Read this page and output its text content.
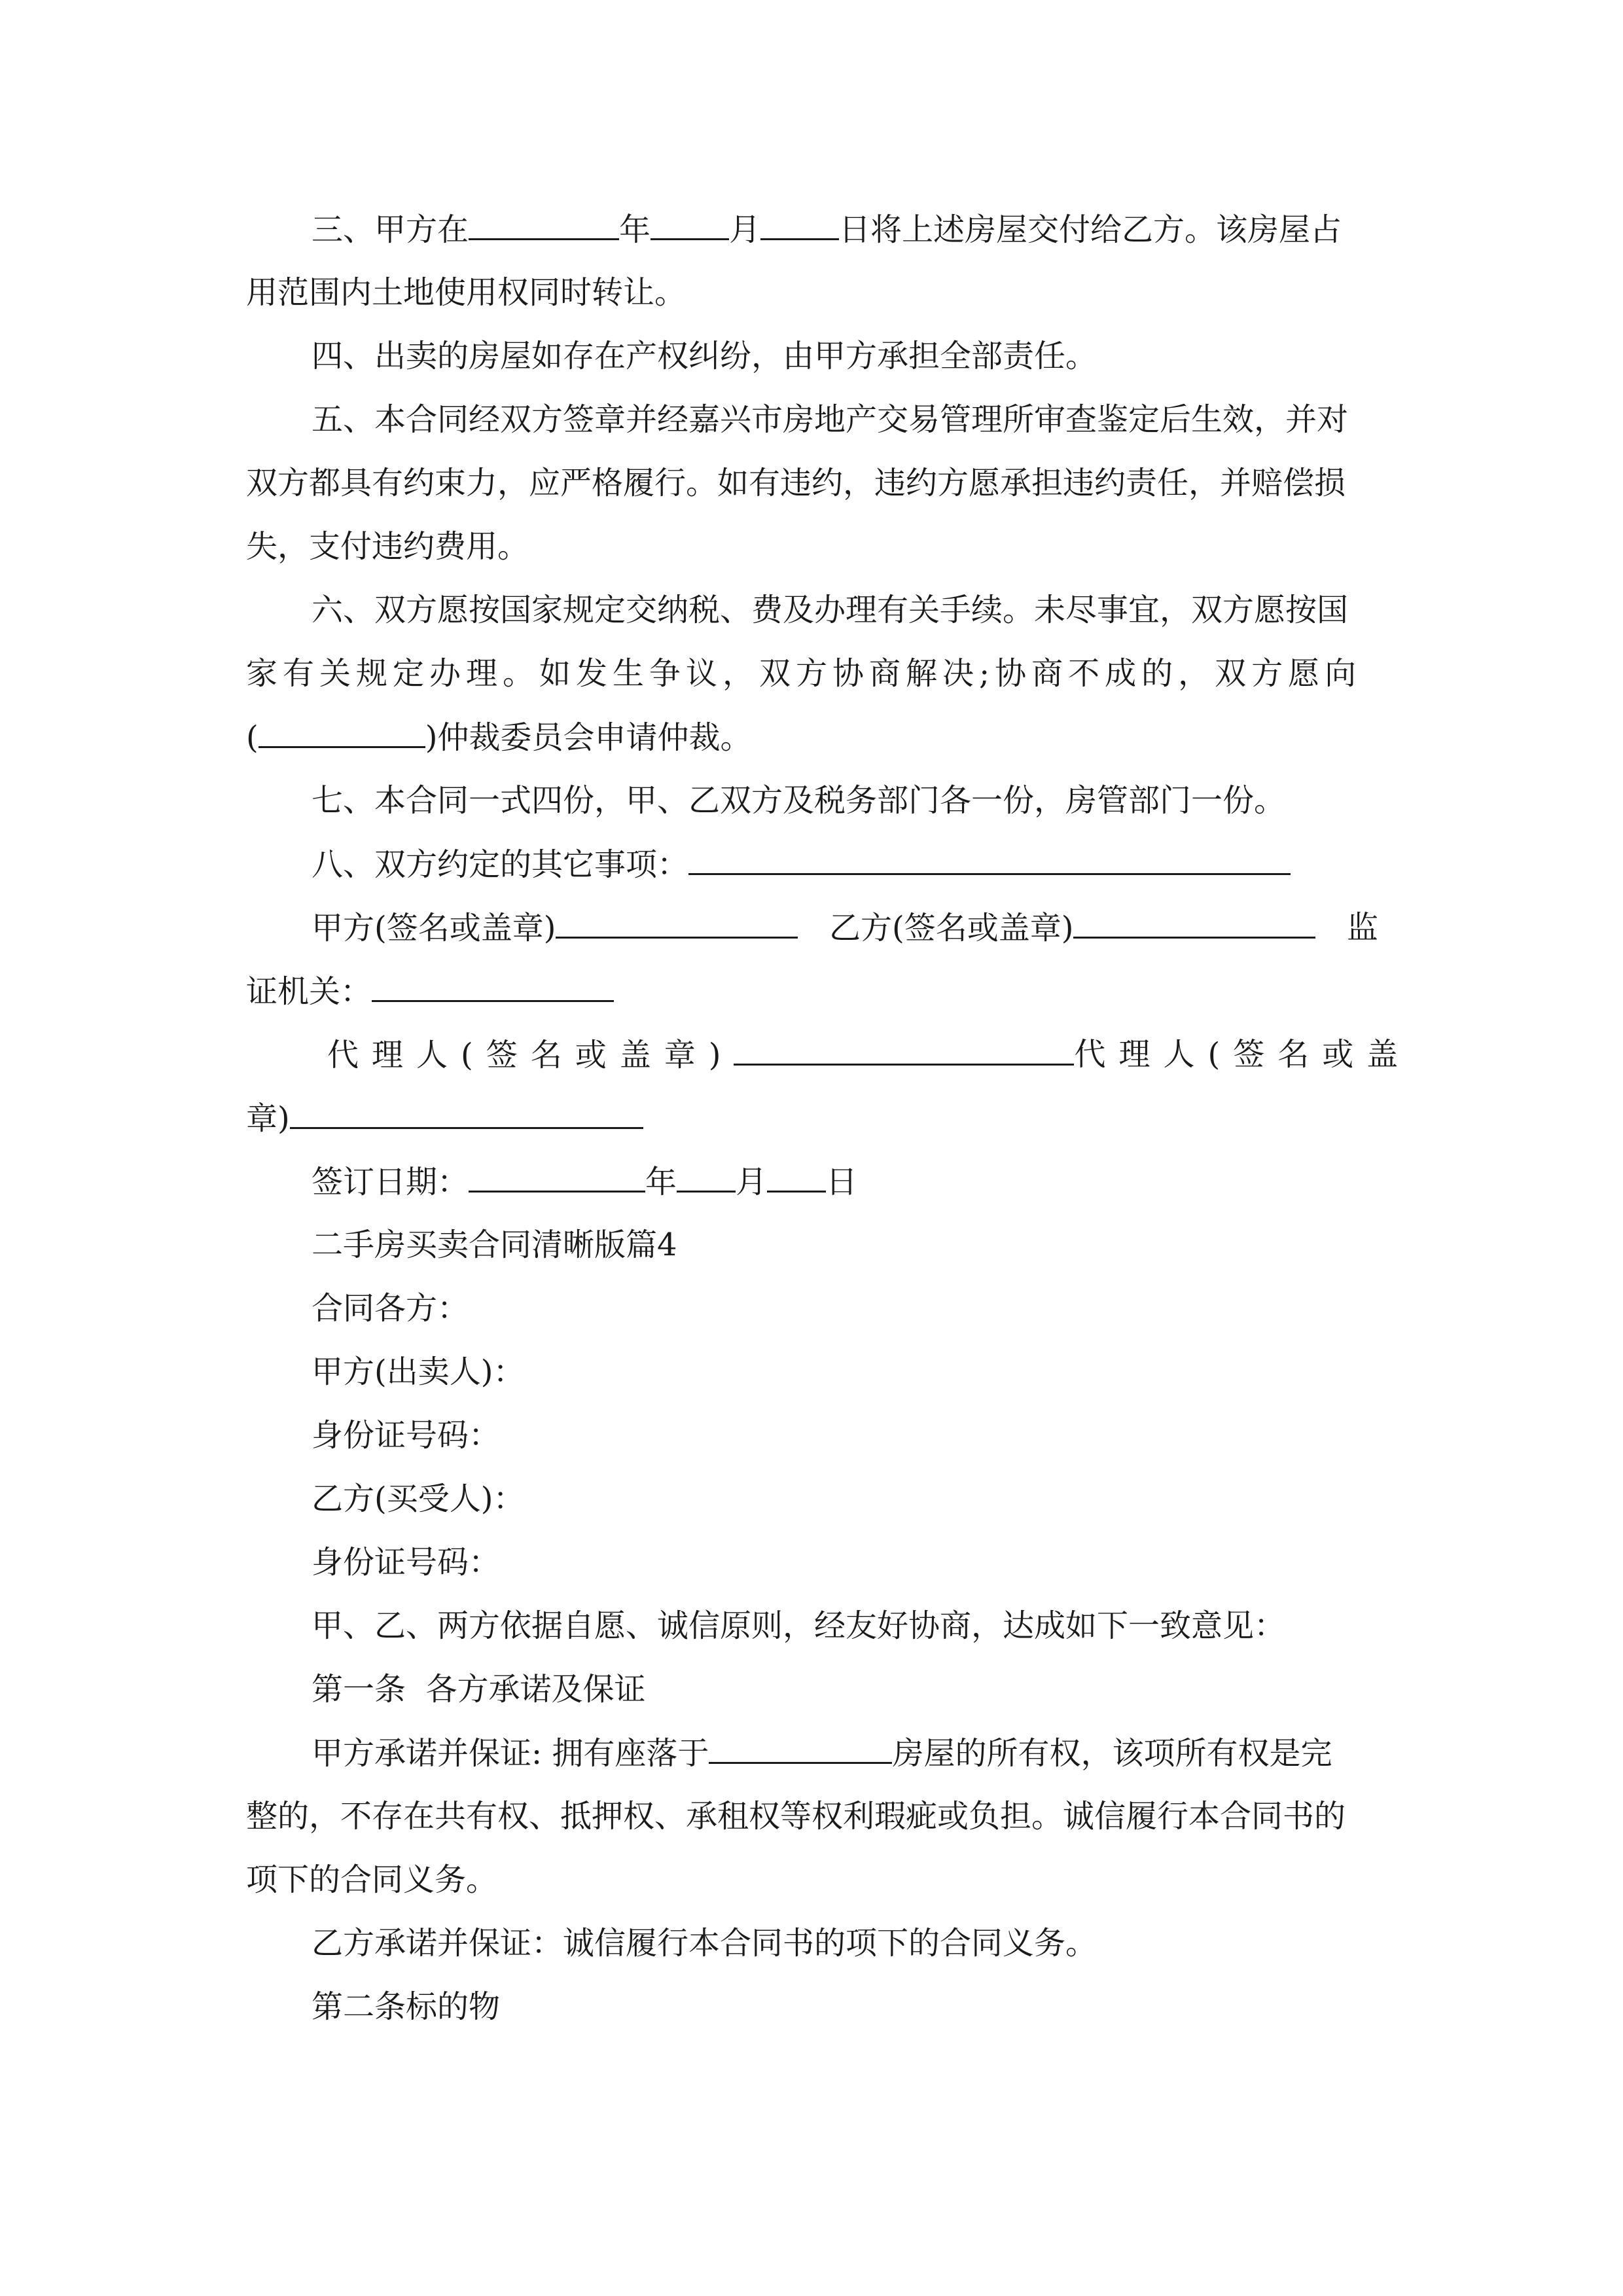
三、甲方在	年	月	日将上述房屋交付给乙方。该房屋占
用范围内土地使用权同时转让。
四、出卖的房屋如存在产权纠纷，由甲方承担全部责任。
五、本合同经双方签章并经嘉兴市房地产交易管理所审查鉴定后生效，并对
双方都具有约束力，应严格履行。如有违约，违约方愿承担违约责任，并赔偿损
失，支付违约费用。
六、双方愿按国家规定交纳税、费及办理有关手续。未尽事宜，双方愿按国
家有关规定办理。如发生争议，双方协商解决;协商不成的，双方愿向
(	)仲裁委员会申请仲裁。
七、本合同一式四份，甲、乙双方及税务部门各一份，房管部门一份。
八、双方约定的其它事项：
甲方(签名或盖章)	乙方(签名或盖章)	监
证机关：
代理人(签名或盖章)	代理人(签名或盖
章)
签订日期：	年 月 日
二手房买卖合同清晰版篇4
合同各方：
甲方(出卖人)：
身份证号码：
乙方(买受人)：
身份证号码：
甲、乙、两方依据自愿、诚信原则，经友好协商，达成如下一致意见：
第一条  各方承诺及保证
甲方承诺并保证: 拥有座落于	房屋的所有权，该项所有权是完
整的，不存在共有权、抵押权、承租权等权利瑕疵或负担。诚信履行本合同书的
项下的合同义务。
乙方承诺并保证：诚信履行本合同书的项下的合同义务。
第二条标的物
